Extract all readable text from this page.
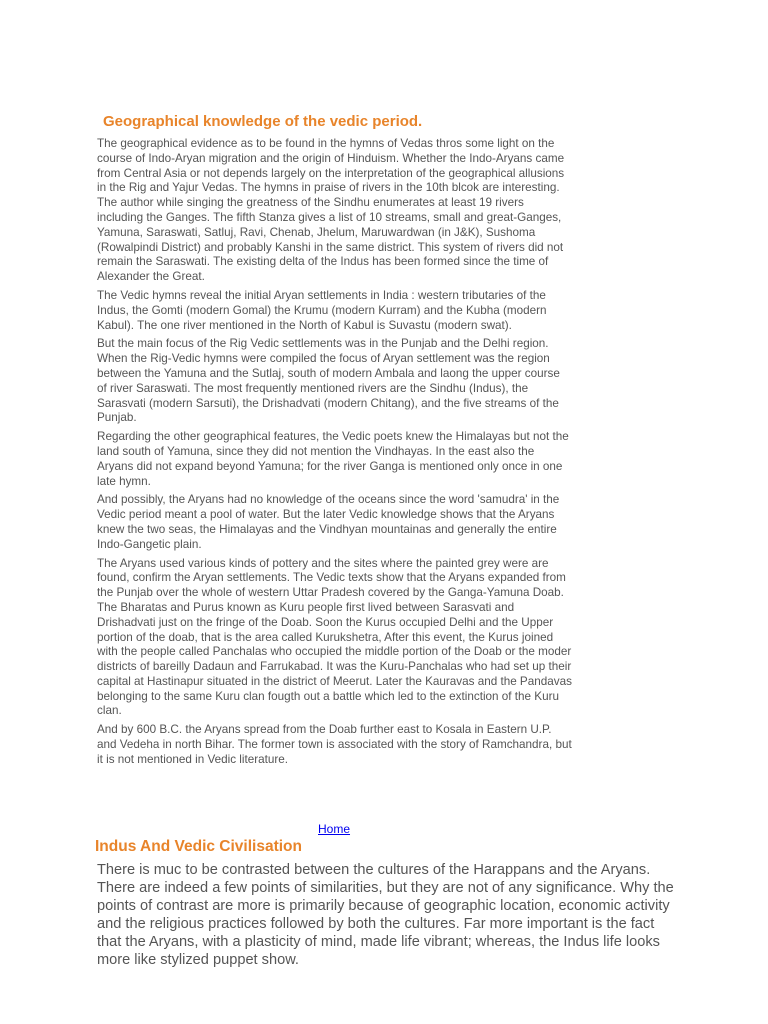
Geographical knowledge of the vedic period.

The geographical evidence as to be found in the hymns of Vedas thros some light on the course of Indo-Aryan migration and the origin of Hinduism. Whether the Indo-Aryans came from Central Asia or not depends largely on the interpretation of the geographical allusions in the Rig and Yajur Vedas. The hymns in praise of rivers in the 10th blcok are interesting. The author while singing the greatness of the Sindhu enumerates at least 19 rivers including the Ganges. The fifth Stanza gives a list of 10 streams, small and great-Ganges, Yamuna, Saraswati, Satluj, Ravi, Chenab, Jhelum, Maruwardwan (in J&K), Sushoma (Rowalpindi District) and probably Kanshi in the same district. This system of rivers did not remain the Saraswati. The existing delta of the Indus has been formed since the time of Alexander the Great.

The Vedic hymns reveal the initial Aryan settlements in India : western tributaries of the Indus, the Gomti (modern Gomal) the Krumu (modern Kurram) and the Kubha (modern Kabul). The one river mentioned in the North of Kabul is Suvastu (modern swat).

But the main focus of the Rig Vedic settlements was in the Punjab and the Delhi region. When the Rig-Vedic hymns were compiled the focus of Aryan settlement was the region between the Yamuna and the Sutlaj, south of modern Ambala and laong the upper course of river Saraswati. The most frequently mentioned rivers are the Sindhu (Indus), the Sarasvati (modern Sarsuti), the Drishadvati (modern Chitang), and the five streams of the Punjab.

Regarding the other geographical features, the Vedic poets knew the Himalayas but not the land south of Yamuna, since they did not mention the Vindhayas. In the east also the Aryans did not expand beyond Yamuna; for the river Ganga is mentioned only once in one late hymn.

And possibly, the Aryans had no knowledge of the oceans since the word 'samudra' in the Vedic period meant a pool of water. But the later Vedic knowledge shows that the Aryans knew the two seas, the Himalayas and the Vindhyan mountainas and generally the entire Indo-Gangetic plain.

The Aryans used various kinds of pottery and the sites where the painted grey were are found, confirm the Aryan settlements. The Vedic texts show that the Aryans expanded from the Punjab over the whole of western Uttar Pradesh covered by the Ganga-Yamuna Doab. The Bharatas and Purus known as Kuru people first lived between Sarasvati and Drishadvati just on the fringe of the Doab. Soon the Kurus occupied Delhi and the Upper portion of the doab, that is the area called Kurukshetra, After this event, the Kurus joined with the people called Panchalas who occupied the middle portion of the Doab or the moder districts of bareilly Dadaun and Farrukabad. It was the Kuru-Panchalas who had set up their capital at Hastinapur situated in the district of Meerut. Later the Kauravas and the Pandavas belonging to the same Kuru clan fougth out a battle which led to the extinction of the Kuru clan.

And by 600 B.C. the Aryans spread from the Doab further east to Kosala in Eastern U.P. and Vedeha in north Bihar. The former town is associated with the story of Ramchandra, but it is not mentioned in Vedic literature.

Home
Indus And Vedic Civilisation

There is muc to be contrasted between the cultures of the Harappans and the Aryans. There are indeed a few points of similarities, but they are not of any significance. Why the points of contrast are more is primarily because of geographic location, economic activity and the religious practices followed by both the cultures. Far more important is the fact that the Aryans, with a plasticity of mind, made life vibrant; whereas, the Indus life looks more like stylized puppet show.
